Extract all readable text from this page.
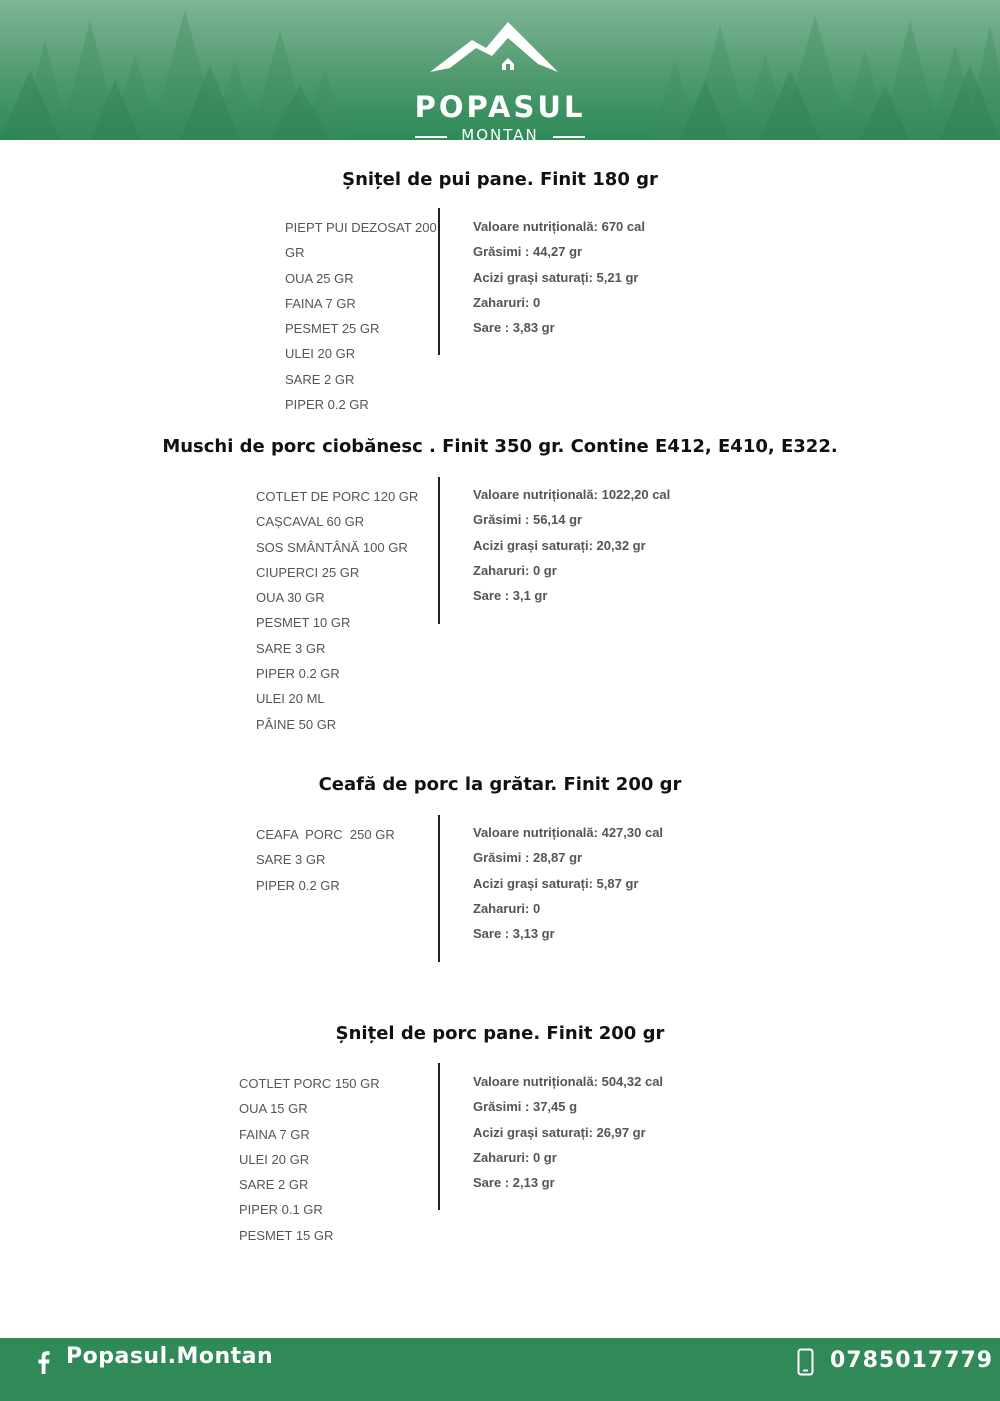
POPASUL
MONTAN
Șnițel de pui pane. Finit 180 gr
PIEPT PUI DEZOSAT 200
GR
OUA 25 GR
FAINA 7 GR
PESMET 25 GR
ULEI 20 GR
SARE 2 GR
PIPER 0.2 GR
Valoare nutrițională: 670 cal
Grăsimi : 44,27 gr
Acizi grași saturați: 5,21 gr
Zaharuri: 0
Sare : 3,83 gr
Muschi de porc ciobănesc . Finit 350 gr. Contine E412, E410, E322.
COTLET DE PORC 120 GR
CAȘCAVAL 60 GR
SOS SMÂNTÂNĂ 100 GR
CIUPERCI 25 GR
OUA 30 GR
PESMET 10 GR
SARE 3 GR
PIPER 0.2 GR
ULEI 20 ML
PÂINE 50 GR
Valoare nutrițională: 1022,20 cal
Grăsimi : 56,14 gr
Acizi grași saturați: 20,32 gr
Zaharuri: 0 gr
Sare : 3,1 gr
Ceafă de porc la grătar. Finit 200 gr
CEAFA  PORC  250 GR
SARE 3 GR
PIPER 0.2 GR
Valoare nutrițională: 427,30 cal
Grăsimi : 28,87 gr
Acizi grași saturați: 5,87 gr
Zaharuri: 0
Sare : 3,13 gr
Șnițel de porc pane. Finit 200 gr
COTLET PORC 150 GR
OUA 15 GR
FAINA 7 GR
ULEI 20 GR
SARE 2 GR
PIPER 0.1 GR
PESMET 15 GR
Valoare nutrițională: 504,32 cal
Grăsimi : 37,45 g
Acizi grași saturați: 26,97 gr
Zaharuri: 0 gr
Sare : 2,13 gr
Popasul.Montan	0785017779
